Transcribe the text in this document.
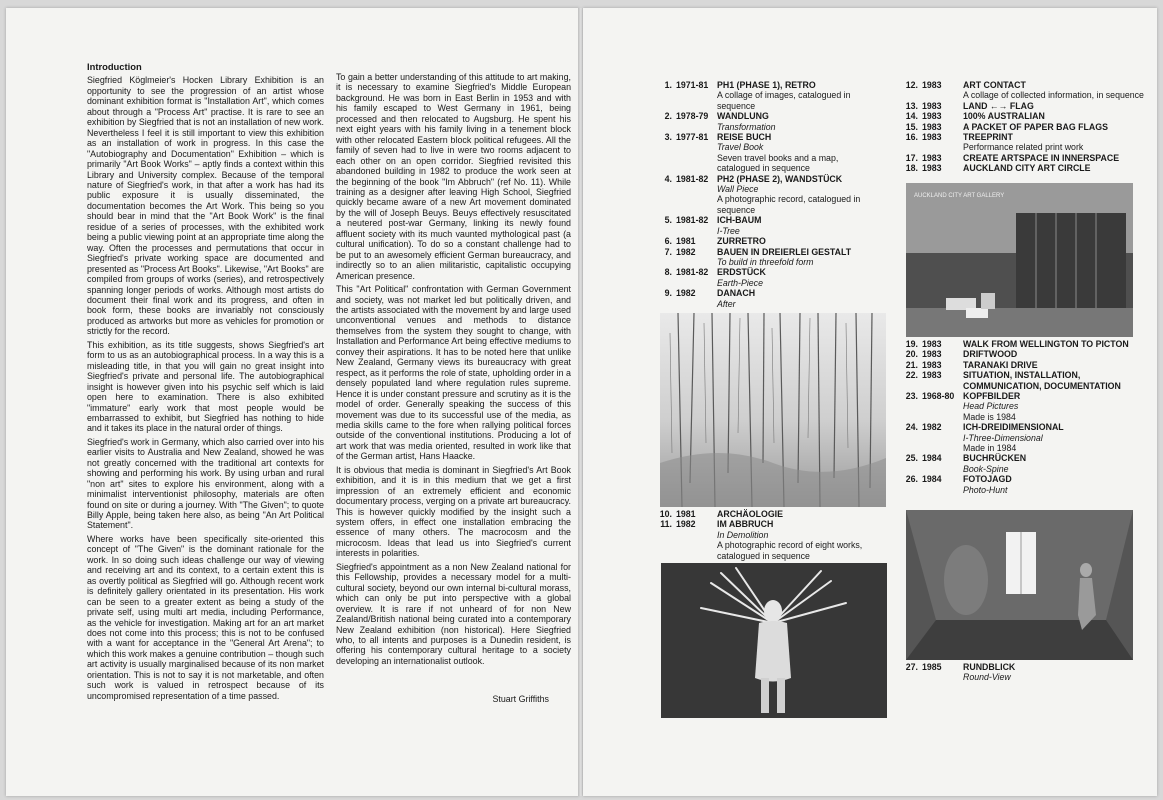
Introduction

Siegfried Köglmeier's Hocken Library Exhibition is an opportunity to see the progression of an artist whose dominant exhibition format is "Installation Art", which comes about through a "Process Art" practise. It is rare to see an exhibition by Siegfried that is not an installation of new work. Nevertheless I feel it is still important to view this exhibition as an installation of work in progress. In this case the "Autobiography and Documentation" Exhibition – which is primarily "Art Book Works" – aptly finds a context within this Library and University complex. Because of the temporal nature of Siegfried's work, in that after a work has had its public exposure it is usually disseminated, the documentation becomes the Art Work. This being so you should bear in mind that the "Art Book Work" is the final residue of a series of processes, with the exhibited work being a public viewing point at an appropriate time along the way. Often the processes and permutations that occur in Siegfried's private working space are documented and presented as "Process Art Books". Likewise, "Art Books" are compiled from groups of works (series), and retrospectively spanning longer periods of works. Although most artists do document their final work and its progress, and often in book form, these books are invariably not consciously produced as artworks but more as vehicles for promotion or strictly for the record.

This exhibition, as its title suggests, shows Siegfried's art form to us as an autobiographical process. In a way this is a misleading title, in that you will gain no great insight into Siegfried's private and personal life. The autobiographical insight is however given into his psychic self which is laid open here to examination. There is also exhibited "immature" early work that most people would be embarrassed to exhibit, but Siegfried has nothing to hide and it takes its place in the natural order of things.

Siegfried's work in Germany, which also carried over into his earlier visits to Australia and New Zealand, showed he was not greatly concerned with the traditional art contexts for showing and performing his work. By using urban and rural "non art" sites to explore his environment, along with a minimalist interventionist philosophy, materials are often found on site or during a journey. With "The Given"; to quote Billy Apple, being taken here also, as being "An Art Political Statement".

Where works have been specifically site-oriented this concept of "The Given" is the dominant rationale for the work. In so doing such ideas challenge our way of viewing and receiving art and its context, to a certain extent this is as overtly political as Siegfried will go. Although recent work is definitely gallery orientated in its presentation. His work can be seen to a greater extent as being a study of the private self, using multi art media, including Performance, as the vehicle for investigation. Making art for an art market does not come into this process; this is not to be confused with a want for acceptance in the "General Art Arena"; to which this work makes a genuine contribution – though such art activity is usually marginalised because of its non market orientation. This is not to say it is not marketable, and often such work is valued in retrospect because of its uncompromised representation of a time passed.

To gain a better understanding of this attitude to art making, it is necessary to examine Siegfried's Middle European background. He was born in East Berlin in 1953 and with his family escaped to West Germany in 1961, being processed and then relocated to Augsburg. He spent his next eight years with his family living in a tenement block with other relocated Eastern block political refugees. All the family of seven had to live in were two rooms adjacent to each other on an open corridor. Siegfried revisited this abandoned building in 1982 to produce the work seen at the beginning of the book "Im Abbruch" (ref No. 11). While training as a designer after leaving High School, Siegfried quickly became aware of a new Art movement dominated by the will of Joseph Beuys. Beuys effectively resuscitated a neutered post-war Germany, linking its newly found affluent society with its much vaunted mythological past (a cultural unification). To do so a constant challenge had to be put to an awesomely efficient German bureaucracy, and indirectly so to an alien militaristic, capitalistic occupying American presence.

This "Art Political" confrontation with German Government and society, was not market led but politically driven, and the artists associated with the movement by and large used unconventional venues and methods to distance themselves from the system they sought to change, with Installation and Performance Art being effective mediums to convey their aspirations. It has to be noted here that unlike New Zealand, Germany views its bureaucracy with great respect, as it performs the role of state, upholding order in a densely populated land where regulation rules supreme. Hence it is under constant pressure and scrutiny as it is the model of order. Generally speaking the success of this movement was due to its successful use of the media, as media skills came to the fore when rallying political forces outside of the conventional institutions. Producing a lot of art work that was media oriented, resulted in work like that of the German artist, Hans Haacke.

It is obvious that media is dominant in Siegfried's Art Book exhibition, and it is in this medium that we get a first impression of an extremely efficient and economic documentary process, verging on a private art bureaucracy. This is however quickly modified by the insight such a system offers, in effect one installation embracing the essence of many others. The macrocosm and the microcosm. Ideas that lead us into Siegfried's current interests in polarities.

Siegfried's appointment as a non New Zealand national for this Fellowship, provides a necessary model for a multi-cultural society, beyond our own internal bi-cultural morass, which can only be put into perspective with a global overview. It is rare if not unheard of for non New Zealand/British national being curated into a contemporary New Zealand exhibition (non historical). Here Siegfried who, to all intents and purposes is a Dunedin resident, is offering his contemporary cultural heritage to a society developing an internationalist outlook.

Stuart Griffiths

1. 1971-81 PH1 (PHASE 1), RETRO
A collage of images, catalogued in sequence
2. 1978-79 WANDLUNG
Transformation
3. 1977-81 REISE BUCH
Travel Book
Seven travel books and a map, catalogued in sequence
4. 1981-82 PH2 (PHASE 2), WANDSTÜCK
Wall Piece
A photographic record, catalogued in sequence
5. 1981-82 ICH-BAUM
I-Tree
6. 1981	ZURRETRO
7. 1982	BAUEN IN DREIERLEI GESTALT
To build in threefold form
8. 1981-82 ERDSTÜCK
Earth-Piece
9. 1982	DANACH
After
10. 1981	ARCHÄOLOGIE
11. 1982	IM ABBRUCH
In Demolition
A photographic record of eight works, catalogued in sequence
12. 1983	ART CONTACT
A collage of collected information, in sequence
13. 1983	LAND ←→ FLAG
14. 1983	100% AUSTRALIAN
15. 1983	A PACKET OF PAPER BAG FLAGS
16. 1983	TREEPRINT
Performance related print work
17. 1983	CREATE ARTSPACE IN INNERSPACE
18. 1983	AUCKLAND CITY ART CIRCLE
19. 1983	WALK FROM WELLINGTON TO PICTON
20. 1983	DRIFTWOOD
21. 1983	TARANAKI DRIVE
22. 1983	SITUATION, INSTALLATION, COMMUNICATION, DOCUMENTATION
23. 1968-80 KOPFBILDER
Head Pictures
Made is 1984
24. 1982	ICH-DREIDIMENSIONAL
I-Three-Dimensional
Made in 1984
25. 1984	BUCHRÜCKEN
Book-Spine
26. 1984	FOTOJAGD
Photo-Hunt
27. 1985	RUNDBLICK
Round-View
AUCKLAND CITY ART GALLERY
